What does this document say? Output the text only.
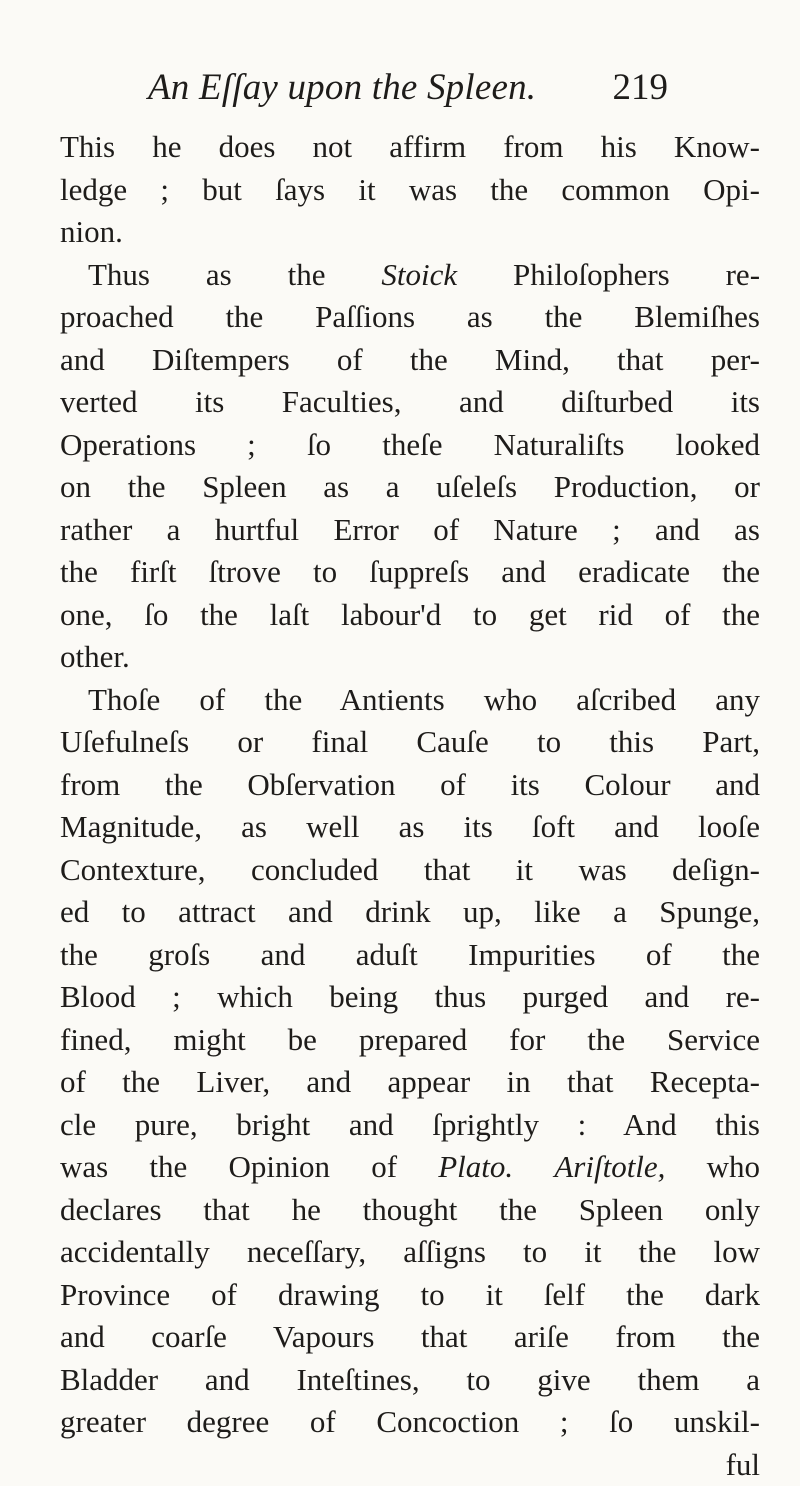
An Eſſay upon the Spleen. 219
This he does not affirm from his Know-
ledge ; but ſays it was the common Opi-
nion.
Thus as the Stoick Philoſophers re-
proached the Paſſions as the Blemiſhes
and Diſtempers of the Mind, that per-
verted its Faculties, and diſturbed its
Operations ; ſo theſe Naturaliſts looked
on the Spleen as a uſeleſs Production, or
rather a hurtful Error of Nature ; and as
the firſt ſtrove to ſuppreſs and eradicate the
one, ſo the laſt labour'd to get rid of the
other.
Thoſe of the Antients who aſcribed any
Uſefulneſs or final Cauſe to this Part,
from the Obſervation of its Colour and
Magnitude, as well as its ſoft and looſe
Contexture, concluded that it was deſign-
ed to attract and drink up, like a Spunge,
the groſs and aduſt Impurities of the
Blood ; which being thus purged and re-
fined, might be prepared for the Service
of the Liver, and appear in that Recepta-
cle pure, bright and ſprightly : And this
was the Opinion of Plato. Ariſtotle, who
declares that he thought the Spleen only
accidentally neceſſary, aſſigns to it the low
Province of drawing to it ſelf the dark
and coarſe Vapours that ariſe from the
Bladder and Inteſtines, to give them a
greater degree of Concoction ; ſo unskil-
ful
